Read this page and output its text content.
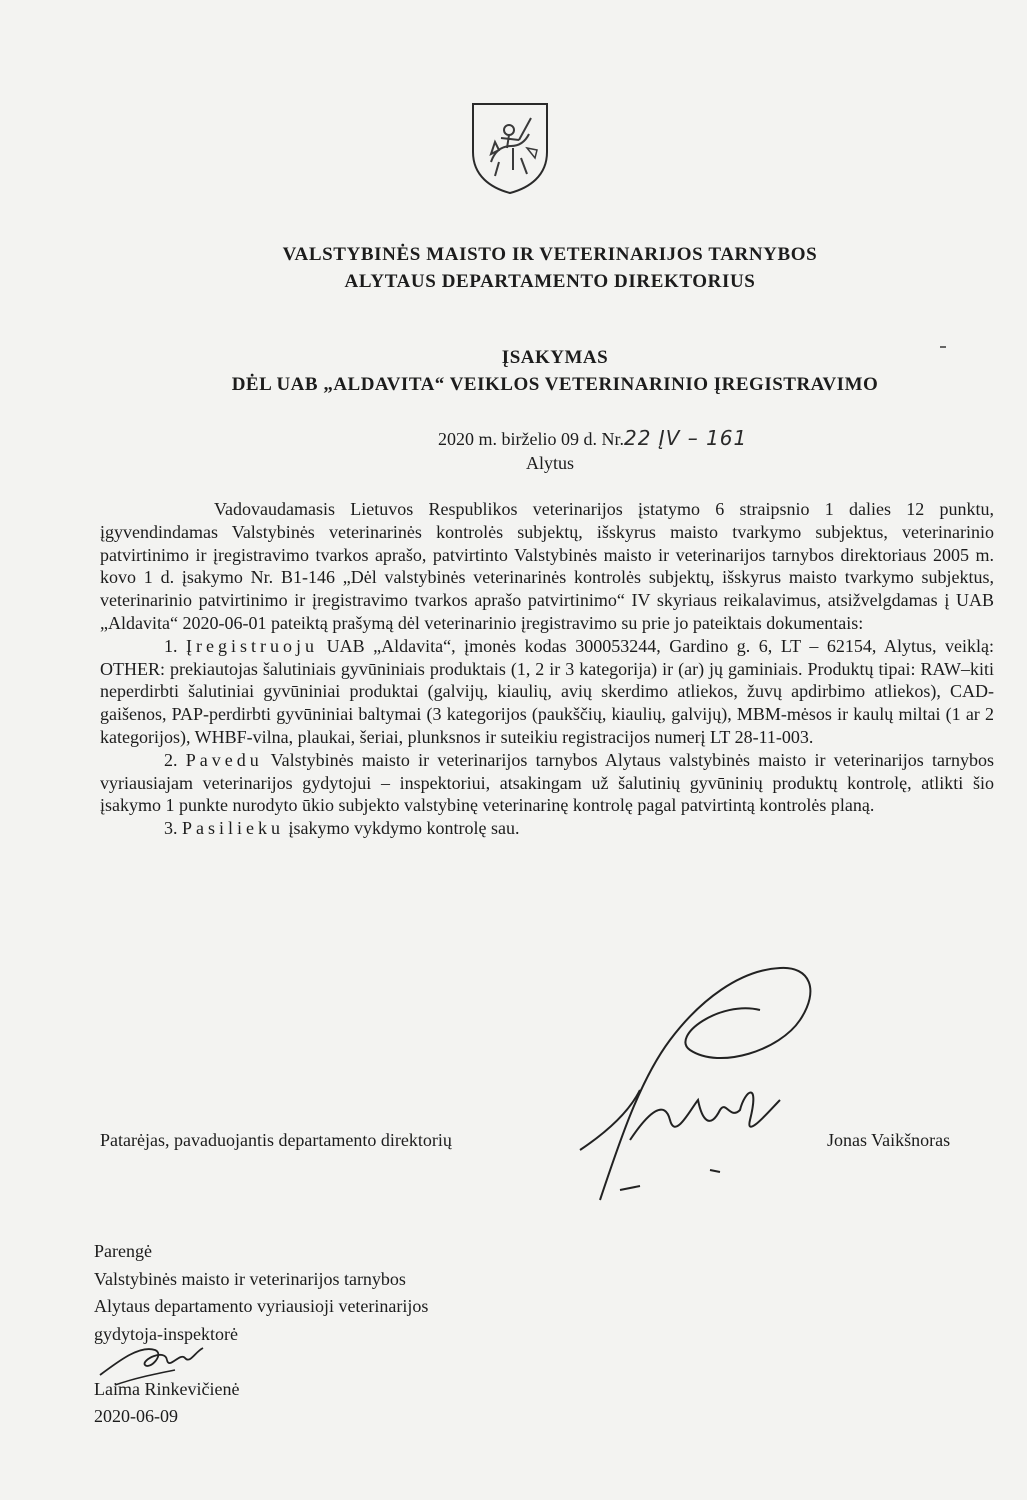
VALSTYBINĖS MAISTO IR VETERINARIJOS TARNYBOS
ALYTAUS DEPARTAMENTO DIREKTORIUS
ĮSAKYMAS
DĖL UAB „ALDAVITA“ VEIKLOS VETERINARINIO ĮREGISTRAVIMO
2020 m. birželio 09 d. Nr.22 ĮV – 161
Alytus

Vadovaudamasis Lietuvos Respublikos veterinarijos įstatymo 6 straipsnio 1 dalies 12 punktu, įgyvendindamas Valstybinės veterinarinės kontrolės subjektų, išskyrus maisto tvarkymo subjektus, veterinarinio patvirtinimo ir įregistravimo tvarkos aprašo, patvirtinto Valstybinės maisto ir veterinarijos tarnybos direktoriaus 2005 m. kovo 1 d. įsakymo Nr. B1-146 „Dėl valstybinės veterinarinės kontrolės subjektų, išskyrus maisto tvarkymo subjektus, veterinarinio patvirtinimo ir įregistravimo tvarkos aprašo patvirtinimo“ IV skyriaus reikalavimus, atsižvelgdamas į UAB „Aldavita“ 2020-06-01 pateiktą prašymą dėl veterinarinio įregistravimo su prie jo pateiktais dokumentais:

1. Įregistruoju UAB „Aldavita“, įmonės kodas 300053244, Gardino g. 6, LT – 62154, Alytus, veiklą: OTHER: prekiautojas šalutiniais gyvūniniais produktais (1, 2 ir 3 kategorija) ir (ar) jų gaminiais. Produktų tipai: RAW–kiti neperdirbti šalutiniai gyvūniniai produktai (galvijų, kiaulių, avių skerdimo atliekos, žuvų apdirbimo atliekos), CAD-gaišenos, PAP-perdirbti gyvūniniai baltymai (3 kategorijos (paukščių, kiaulių, galvijų), MBM-mėsos ir kaulų miltai (1 ar 2 kategorijos), WHBF-vilna, plaukai, šeriai, plunksnos ir suteikiu registracijos numerį LT 28-11-003.

2. Pavedu Valstybinės maisto ir veterinarijos tarnybos Alytaus valstybinės maisto ir veterinarijos tarnybos vyriausiajam veterinarijos gydytojui – inspektoriui, atsakingam už šalutinių gyvūninių produktų kontrolę, atlikti šio įsakymo 1 punkte nurodyto ūkio subjekto valstybinę veterinarinę kontrolę pagal patvirtintą kontrolės planą.

3. Pasilieku įsakymo vykdymo kontrolę sau.

Patarėjas, pavaduojantis departamento direktorių	Jonas Vaikšnoras
Parengė
Valstybinės maisto ir veterinarijos tarnybos
Alytaus departamento vyriausioji veterinarijos
gydytoja-inspektorė
Laima Rinkevičienė
2020-06-09
